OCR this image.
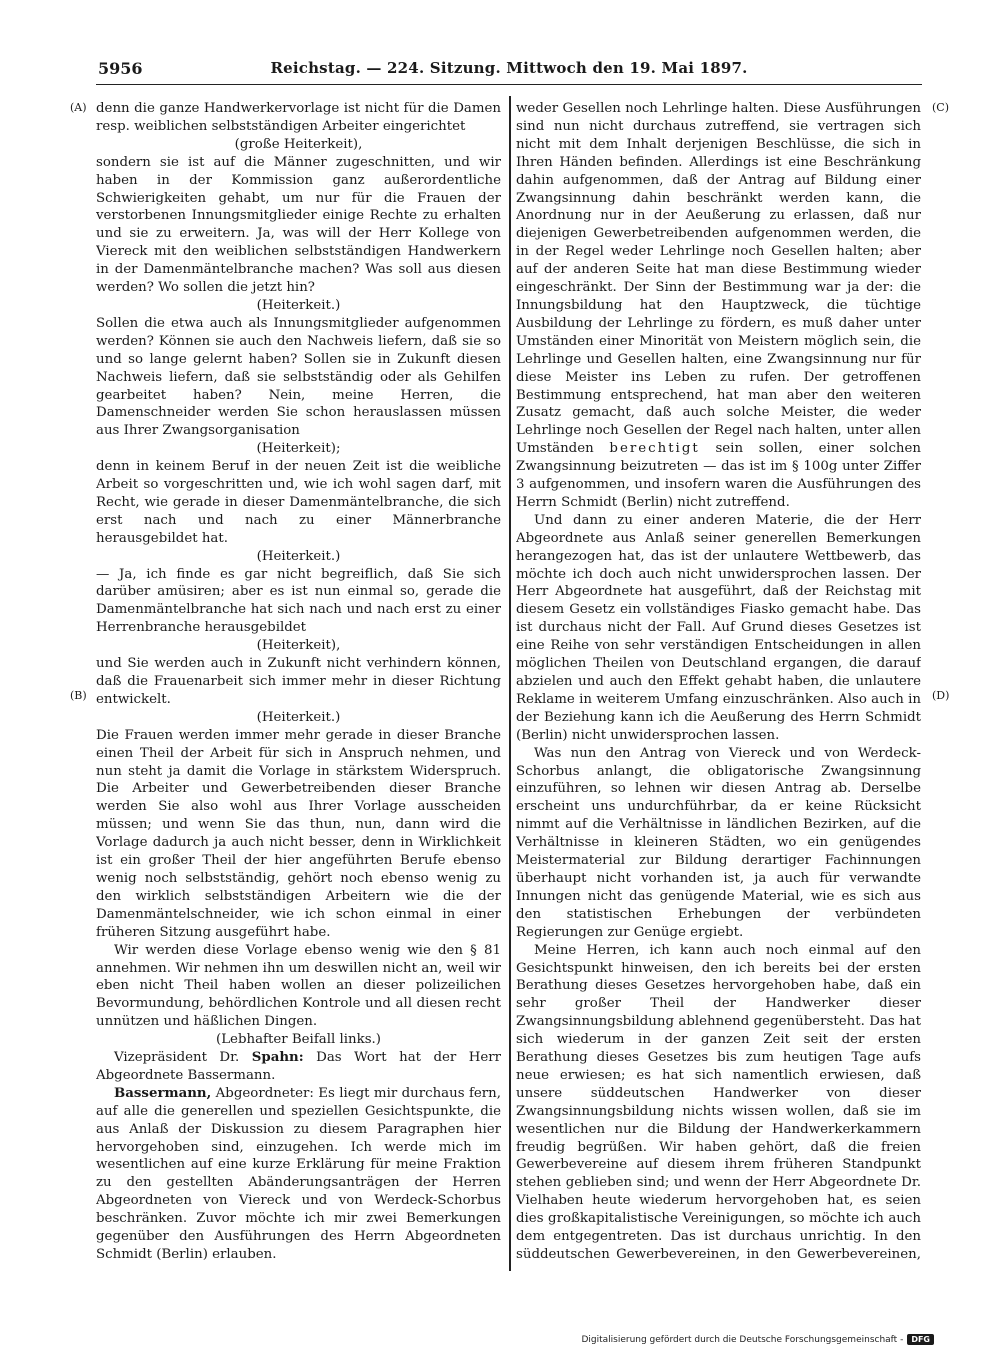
5956	Reichstag. — 224. Sitzung. Mittwoch den 19. Mai 1897.
(A)
(B)
(C)
(D)

denn die ganze Handwerkervorlage ist nicht für die Damen resp. weiblichen selbstständigen Arbeiter eingerichtet

(große Heiterkeit),

sondern sie ist auf die Männer zugeschnitten, und wir haben in der Kommission ganz außerordentliche Schwierigkeiten gehabt, um nur für die Frauen der verstorbenen Innungsmitglieder einige Rechte zu erhalten und sie zu erweitern. Ja, was will der Herr Kollege von Viereck mit den weiblichen selbstständigen Handwerkern in der Damenmäntelbranche machen? Was soll aus diesen werden? Wo sollen die jetzt hin?

(Heiterkeit.)

Sollen die etwa auch als Innungsmitglieder aufgenommen werden? Können sie auch den Nachweis liefern, daß sie so und so lange gelernt haben? Sollen sie in Zukunft diesen Nachweis liefern, daß sie selbstständig oder als Gehilfen gearbeitet haben? Nein, meine Herren, die Damenschneider werden Sie schon herauslassen müssen aus Ihrer Zwangsorganisation

(Heiterkeit);

denn in keinem Beruf in der neuen Zeit ist die weibliche Arbeit so vorgeschritten und, wie ich wohl sagen darf, mit Recht, wie gerade in dieser Damenmäntelbranche, die sich erst nach und nach zu einer Männerbranche herausgebildet hat.

(Heiterkeit.)

— Ja, ich finde es gar nicht begreiflich, daß Sie sich darüber amüsiren; aber es ist nun einmal so, gerade die Damenmäntelbranche hat sich nach und nach erst zu einer Herrenbranche herausgebildet

(Heiterkeit),

und Sie werden auch in Zukunft nicht verhindern können, daß die Frauenarbeit sich immer mehr in dieser Richtung entwickelt.

(Heiterkeit.)

Die Frauen werden immer mehr gerade in dieser Branche einen Theil der Arbeit für sich in Anspruch nehmen, und nun steht ja damit die Vorlage in stärkstem Widerspruch. Die Arbeiter und Gewerbetreibenden dieser Branche werden Sie also wohl aus Ihrer Vorlage ausscheiden müssen; und wenn Sie das thun, nun, dann wird die Vorlage dadurch ja auch nicht besser, denn in Wirklichkeit ist ein großer Theil der hier angeführten Berufe ebenso wenig noch selbstständig, gehört noch ebenso wenig zu den wirklich selbstständigen Arbeitern wie die der Damenmäntelschneider, wie ich schon einmal in einer früheren Sitzung ausgeführt habe.

Wir werden diese Vorlage ebenso wenig wie den § 81 annehmen. Wir nehmen ihn um deswillen nicht an, weil wir eben nicht Theil haben wollen an dieser polizeilichen Bevormundung, behördlichen Kontrole und all diesen recht unnützen und häßlichen Dingen.

(Lebhafter Beifall links.)

Vizepräsident Dr. Spahn: Das Wort hat der Herr Abgeordnete Bassermann.

Bassermann, Abgeordneter: Es liegt mir durchaus fern, auf alle die generellen und speziellen Gesichtspunkte, die aus Anlaß der Diskussion zu diesem Paragraphen hier hervorgehoben sind, einzugehen. Ich werde mich im wesentlichen auf eine kurze Erklärung für meine Fraktion zu den gestellten Abänderungsanträgen der Herren Abgeordneten von Viereck und von Werdeck-Schorbus beschränken. Zuvor möchte ich mir zwei Bemerkungen gegenüber den Ausführungen des Herrn Abgeordneten Schmidt (Berlin) erlauben.

weder Gesellen noch Lehrlinge halten. Diese Ausführungen sind nun nicht durchaus zutreffend, sie vertragen sich nicht mit dem Inhalt derjenigen Beschlüsse, die sich in Ihren Händen befinden. Allerdings ist eine Beschränkung dahin aufgenommen, daß der Antrag auf Bildung einer Zwangsinnung dahin beschränkt werden kann, die Anordnung nur in der Aeußerung zu erlassen, daß nur diejenigen Gewerbetreibenden aufgenommen werden, die in der Regel weder Lehrlinge noch Gesellen halten; aber auf der anderen Seite hat man diese Bestimmung wieder eingeschränkt. Der Sinn der Bestimmung war ja der: die Innungsbildung hat den Hauptzweck, die tüchtige Ausbildung der Lehrlinge zu fördern, es muß daher unter Umständen einer Minorität von Meistern möglich sein, die Lehrlinge und Gesellen halten, eine Zwangsinnung nur für diese Meister ins Leben zu rufen. Der getroffenen Bestimmung entsprechend, hat man aber den weiteren Zusatz gemacht, daß auch solche Meister, die weder Lehrlinge noch Gesellen der Regel nach halten, unter allen Umständen berechtigt sein sollen, einer solchen Zwangsinnung beizutreten — das ist im § 100g unter Ziffer 3 aufgenommen, und insofern waren die Ausführungen des Herrn Schmidt (Berlin) nicht zutreffend.

Und dann zu einer anderen Materie, die der Herr Abgeordnete aus Anlaß seiner generellen Bemerkungen herangezogen hat, das ist der unlautere Wettbewerb, das möchte ich doch auch nicht unwidersprochen lassen. Der Herr Abgeordnete hat ausgeführt, daß der Reichstag mit diesem Gesetz ein vollständiges Fiasko gemacht habe. Das ist durchaus nicht der Fall. Auf Grund dieses Gesetzes ist eine Reihe von sehr verständigen Entscheidungen in allen möglichen Theilen von Deutschland ergangen, die darauf abzielen und auch den Effekt gehabt haben, die unlautere Reklame in weiterem Umfang einzuschränken. Also auch in der Beziehung kann ich die Aeußerung des Herrn Schmidt (Berlin) nicht unwidersprochen lassen.

Was nun den Antrag von Viereck und von Werdeck-Schorbus anlangt, die obligatorische Zwangsinnung einzuführen, so lehnen wir diesen Antrag ab. Derselbe erscheint uns undurchführbar, da er keine Rücksicht nimmt auf die Verhältnisse in ländlichen Bezirken, auf die Verhältnisse in kleineren Städten, wo ein genügendes Meistermaterial zur Bildung derartiger Fachinnungen überhaupt nicht vorhanden ist, ja auch für verwandte Innungen nicht das genügende Material, wie es sich aus den statistischen Erhebungen der verbündeten Regierungen zur Genüge ergiebt.

Meine Herren, ich kann auch noch einmal auf den Gesichtspunkt hinweisen, den ich bereits bei der ersten Berathung dieses Gesetzes hervorgehoben habe, daß ein sehr großer Theil der Handwerker dieser Zwangsinnungsbildung ablehnend gegenübersteht. Das hat sich wiederum in der ganzen Zeit seit der ersten Berathung dieses Gesetzes bis zum heutigen Tage aufs neue erwiesen; es hat sich namentlich erwiesen, daß unsere süddeutschen Handwerker von dieser Zwangsinnungsbildung nichts wissen wollen, daß sie im wesentlichen nur die Bildung der Handwerkerkammern freudig begrüßen. Wir haben gehört, daß die freien Gewerbevereine auf diesem ihrem früheren Standpunkt stehen geblieben sind; und wenn der Herr Abgeordnete Dr. Vielhaben heute wiederum hervorgehoben hat, es seien dies großkapitalistische Vereinigungen, so möchte ich auch dem entgegentreten. Das ist durchaus unrichtig. In den süddeutschen Gewerbevereinen, in den Gewerbevereinen,

Digitalisierung gefördert durch die Deutsche Forschungsgemeinschaft -	DFG
